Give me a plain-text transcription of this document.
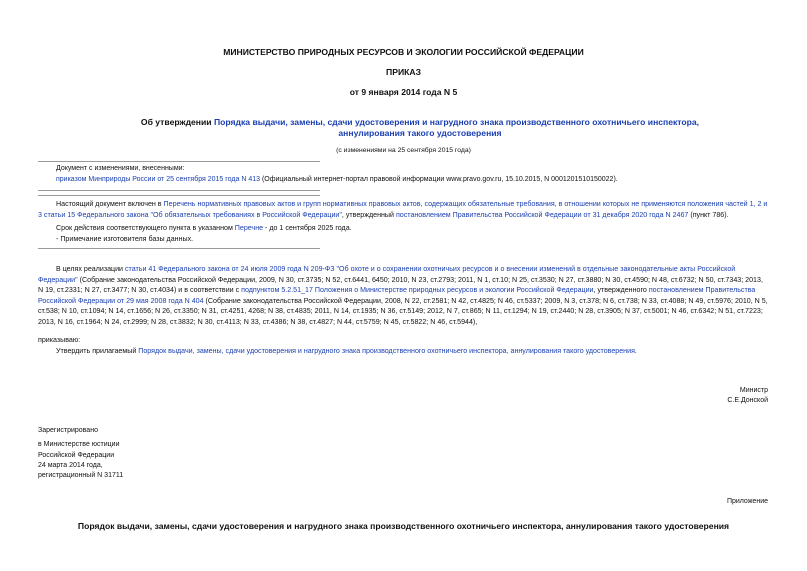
МИНИСТЕРСТВО ПРИРОДНЫХ РЕСУРСОВ И ЭКОЛОГИИ РОССИЙСКОЙ ФЕДЕРАЦИИ
ПРИКАЗ
от 9 января 2014 года N 5
Об утверждении Порядка выдачи, замены, сдачи удостоверения и нагрудного знака производственного охотничьего инспектора, аннулирования такого удостоверения
(с изменениями на 25 сентября 2015 года)
Документ с изменениями, внесенными:
приказом Минприроды России от 25 сентября 2015 года N 413 (Официальный интернет-портал правовой информации www.pravo.gov.ru, 15.10.2015, N 0001201510150022).
Настоящий документ включен в Перечень нормативных правовых актов и групп нормативных правовых актов, содержащих обязательные требования, в отношении которых не применяются положения частей 1, 2 и 3 статьи 15 Федерального закона "Об обязательных требованиях в Российской Федерации", утвержденный постановлением Правительства Российской Федерации от 31 декабря 2020 года N 2467 (пункт 786).
Срок действия соответствующего пункта в указанном Перечне - до 1 сентября 2025 года.
- Примечание изготовителя базы данных.
В целях реализации статьи 41 Федерального закона от 24 июля 2009 года N 209-ФЗ "Об охоте и о сохранении охотничьих ресурсов и о внесении изменений в отдельные законодательные акты Российской Федерации" (Собрание законодательства Российской Федерации, 2009, N 30, ст.3735; N 52, ст.6441, 6450; 2010, N 23, ст.2793; 2011, N 1, ст.10; N 25, ст.3530; N 27, ст.3880; N 30, ст.4590; N 48, ст.6732; N 50, ст.7343; 2013, N 19, ст.2331; N 27, ст.3477; N 30, ст.4034) и в соответствии с подпунктом 5.2.51_17 Положения о Министерстве природных ресурсов и экологии Российской Федерации, утвержденного постановлением Правительства Российской Федерации от 29 мая 2008 года N 404 (Собрание законодательства Российской Федерации, 2008, N 22, ст.2581; N 42, ст.4825; N 46, ст.5337; 2009, N 3, ст.378; N 6, ст.738; N 33, ст.4088; N 49, ст.5976; 2010, N 5, ст.538; N 10, ст.1094; N 14, ст.1656; N 26, ст.3350; N 31, ст.4251, 4268; N 38, ст.4835; 2011, N 14, ст.1935; N 36, ст.5149; 2012, N 7, ст.865; N 11, ст.1294; N 19, ст.2440; N 28, ст.3905; N 37, ст.5001; N 46, ст.6342; N 51, ст.7223; 2013, N 16, ст.1964; N 24, ст.2999; N 28, ст.3832; N 30, ст.4113; N 33, ст.4386; N 38, ст.4827; N 44, ст.5759; N 45, ст.5822; N 46, ст.5944),
приказываю:
Утвердить прилагаемый Порядок выдачи, замены, сдачи удостоверения и нагрудного знака производственного охотничьего инспектора, аннулирования такого удостоверения.
Министр
С.Е.Донской
Зарегистрировано
в Министерстве юстиции
Российской Федерации
24 марта 2014 года,
регистрационный N 31711
Приложение
Порядок выдачи, замены, сдачи удостоверения и нагрудного знака производственного охотничьего инспектора, аннулирования такого удостоверения
